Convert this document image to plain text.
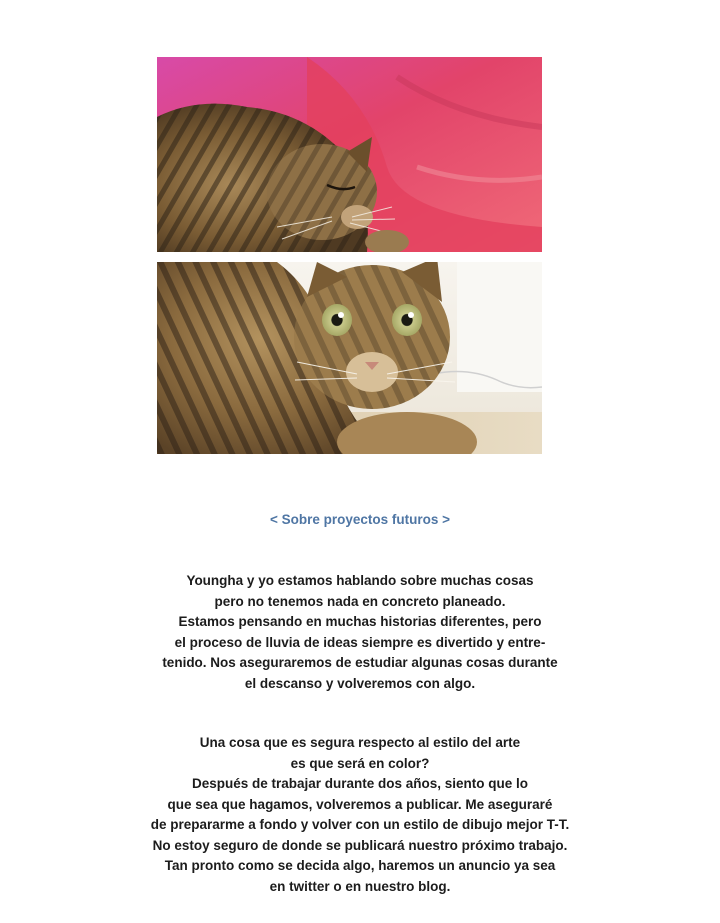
< Sobre proyectos futuros >
Youngha y yo estamos hablando sobre muchas cosas
pero no tenemos nada en concreto planeado.
Estamos pensando en muchas historias diferentes, pero
el proceso de lluvia de ideas siempre es divertido y entre-
tenido. Nos aseguraremos de estudiar algunas cosas durante
el descanso y volveremos con algo.
Una cosa que es segura respecto al estilo del arte
es que será en color?
Después de trabajar durante dos años, siento que lo
que sea que hagamos, volveremos a publicar. Me aseguraré
de prepararme a fondo y volver con un estilo de dibujo mejor T-T.
No estoy seguro de donde se publicará nuestro próximo trabajo.
Tan pronto como se decida algo, haremos un anuncio ya sea
en twitter o en nuestro blog.
